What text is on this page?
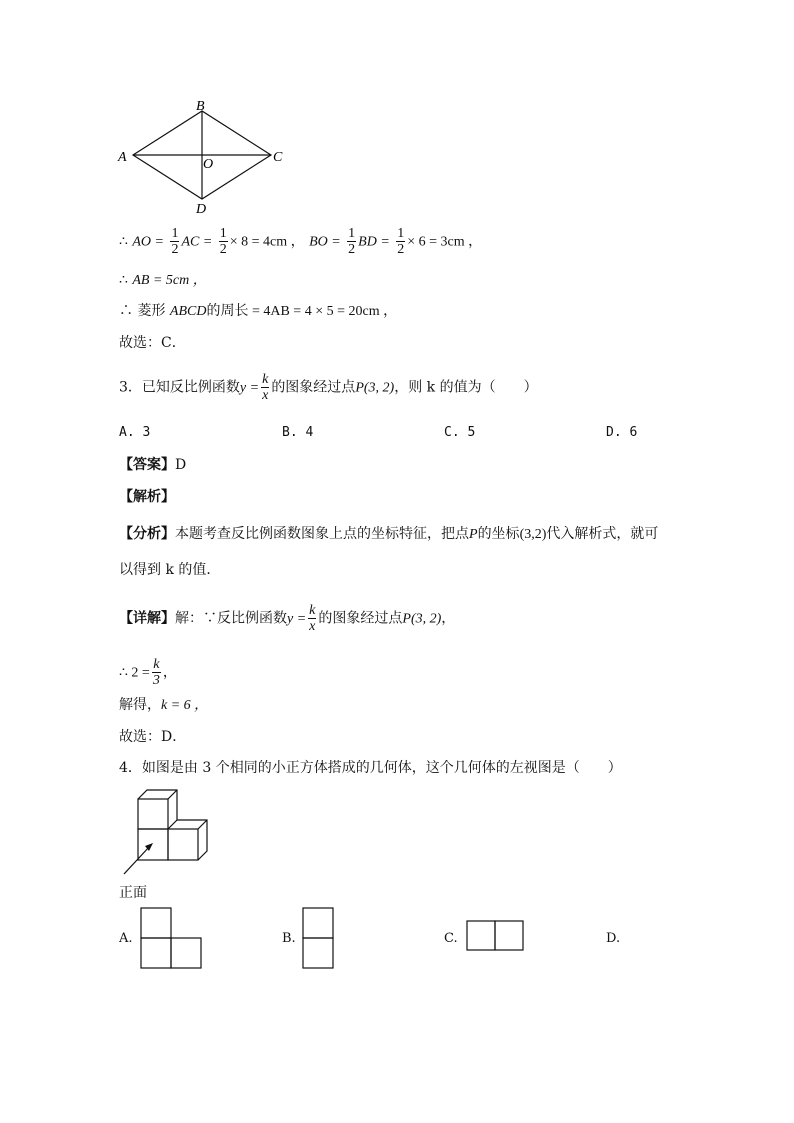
B
A	C
O
D
∴ AO = $\frac{1}{2}$ AC = $\frac{1}{2} \times 8 = 4cm$ ， BO = $\frac{1}{2}$ BD = $\frac{1}{2} \times 6 = 3cm$ ，
∴ AB = 5cm ，
∴ 菱形 ABCD的周长 = 4AB = 4 × 5 = 20cm ，
故选：C．
3．已知反比例函数$y = \frac{k}{x}$ 的图象经过点P(3, 2)，则 k 的值为（　　）
A. 3	B. 4	C. 5	D. 6
【答案】D
【解析】
【分析】本题考查反比例函数图象上点的坐标特征，把点P的坐标(3,2)代入解析式，就可
以得到 k 的值．
【详解】解：∵反比例函数$y = \frac{k}{x}$ 的图象经过点P(3, 2)，
∴ $2 = \frac{k}{3}$ ，
解得，k = 6 ，
故选：D．
4．如图是由 3 个相同的小正方体搭成的几何体，这个几何体的左视图是（　　）
正面
A.	B.	C.	D.
